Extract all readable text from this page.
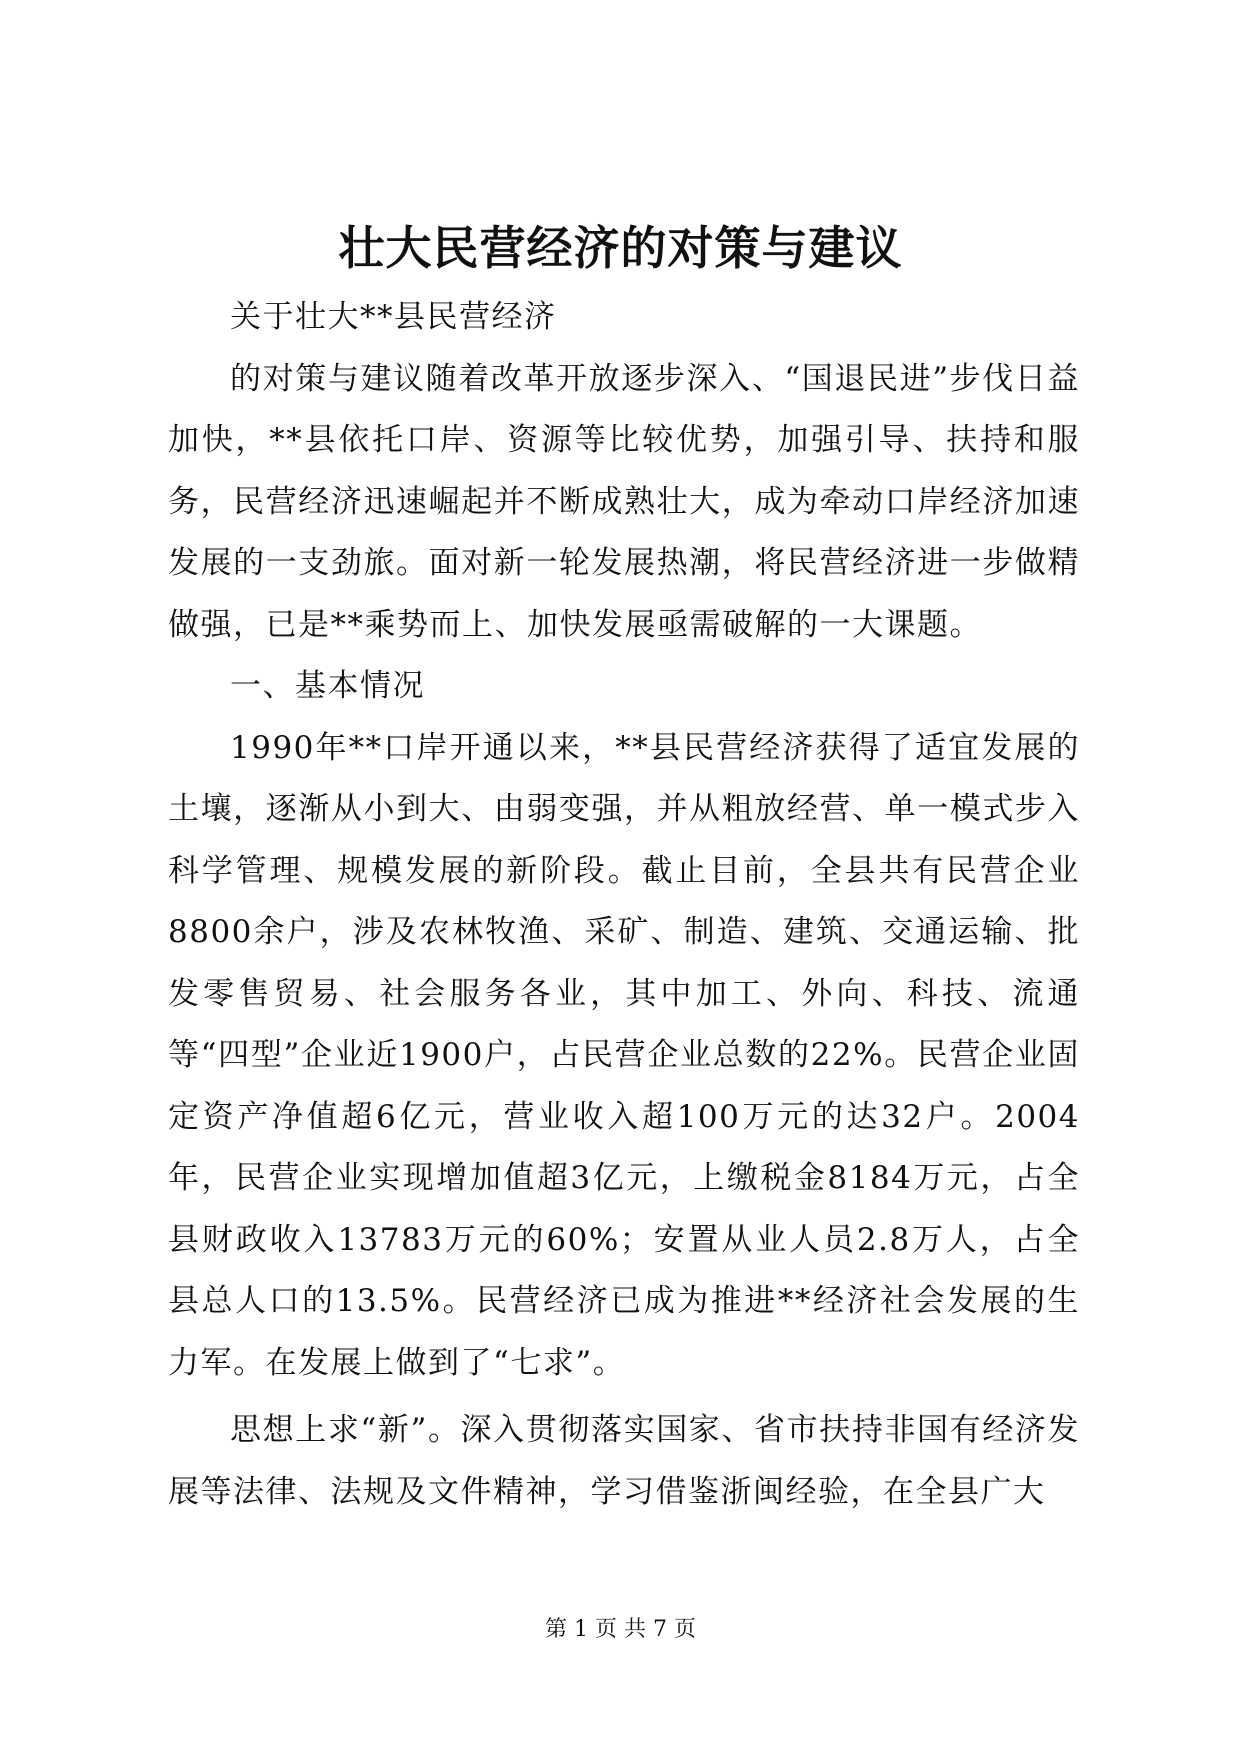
壮大民营经济的对策与建议

关于壮大**县民营经济

的对策与建议随着改革开放逐步深入、“国退民进”步伐日益加快，**县依托口岸、资源等比较优势，加强引导、扶持和服务，民营经济迅速崛起并不断成熟壮大，成为牵动口岸经济加速发展的一支劲旅。面对新一轮发展热潮，将民营经济进一步做精做强，已是**乘势而上、加快发展亟需破解的一大课题。

一、基本情况

1990年**口岸开通以来，**县民营经济获得了适宜发展的土壤，逐渐从小到大、由弱变强，并从粗放经营、单一模式步入科学管理、规模发展的新阶段。截止目前，全县共有民营企业8800余户，涉及农林牧渔、采矿、制造、建筑、交通运输、批发零售贸易、社会服务各业，其中加工、外向、科技、流通等“四型”企业近1900户，占民营企业总数的22%。民营企业固定资产净值超6亿元，营业收入超100万元的达32户。2004年，民营企业实现增加值超3亿元，上缴税金8184万元，占全县财政收入13783万元的60%；安置从业人员2.8万人，占全县总人口的13.5%。民营经济已成为推进**经济社会发展的生力军。在发展上做到了“七求”。

思想上求“新”。深入贯彻落实国家、省市扶持非国有经济发展等法律、法规及文件精神，学习借鉴浙闽经验，在全县广大

第 1 页 共 7 页
